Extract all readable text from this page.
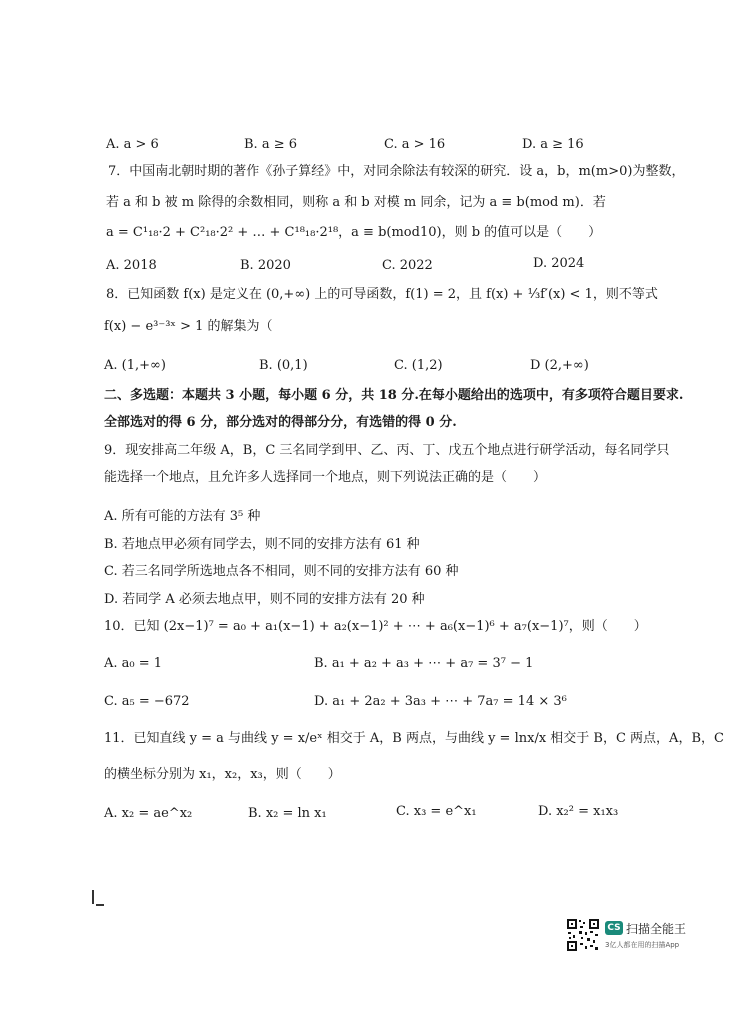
A. a > 6	B. a ≥ 6	C. a > 16	D. a ≥ 16
7．中国南北朝时期的著作《孙子算经》中，对同余除法有较深的研究．设 a，b，m(m>0)为整数，
若 a 和 b 被 m 除得的余数相同，则称 a 和 b 对模 m 同余，记为 a ≡ b(mod m)．若
a = C¹₁₈·2 + C²₁₈·2² + … + C¹⁸₁₈·2¹⁸，a ≡ b(mod10)，则 b 的值可以是（　　）
A. 2018	B. 2020	C. 2022	D. 2024
8．已知函数 f(x) 是定义在 (0,+∞) 上的可导函数，f(1) = 2，且 f(x) + ⅓f′(x) < 1，则不等式
f(x) − e³⁻³ˣ > 1 的解集为（
A. (1,+∞)	B. (0,1)	C. (1,2)	D (2,+∞)
二、多选题：本题共 3 小题，每小题 6 分，共 18 分.在每小题给出的选项中，有多项符合题目要求.
全部选对的得 6 分，部分选对的得部分分，有选错的得 0 分.
9．现安排高二年级 A，B，C 三名同学到甲、乙、丙、丁、戊五个地点进行研学活动，每名同学只
能选择一个地点，且允许多人选择同一个地点，则下列说法正确的是（　　）
A. 所有可能的方法有 3⁵ 种
B. 若地点甲必须有同学去，则不同的安排方法有 61 种
C. 若三名同学所选地点各不相同，则不同的安排方法有 60 种
D. 若同学 A 必须去地点甲，则不同的安排方法有 20 种
10．已知 (2x−1)⁷ = a₀ + a₁(x−1) + a₂(x−1)² + ⋯ + a₆(x−1)⁶ + a₇(x−1)⁷，则（　　）
A. a₀ = 1	B. a₁ + a₂ + a₃ + ⋯ + a₇ = 3⁷ − 1
C. a₅ = −672	D. a₁ + 2a₂ + 3a₃ + ⋯ + 7a₇ = 14 × 3⁶
11．已知直线 y = a 与曲线 y = x/eˣ 相交于 A，B 两点，与曲线 y = lnx/x 相交于 B，C 两点，A，B，C
的横坐标分别为 x₁，x₂，x₃，则（　　）
A. x₂ = ae^x₂	B. x₂ = ln x₁	C. x₃ = e^x₁	D. x₂² = x₁x₃
CS 扫描全能王
3亿人都在用的扫描App
